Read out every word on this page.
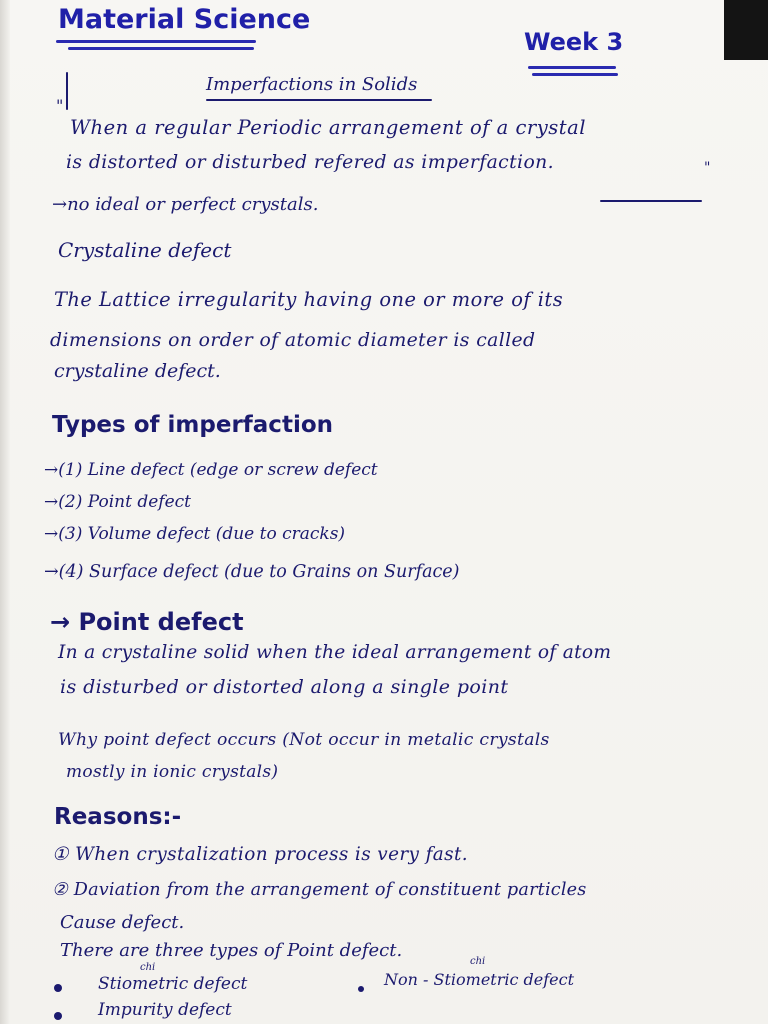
Material Science
Week 3
Imperfactions in Solids
"
When a regular Periodic arrangement of a crystal
is distorted or disturbed refered as imperfaction.	"
→no ideal or perfect crystals.
Crystaline defect
The Lattice irregularity having one or more of its
dimensions on order of atomic diameter is called
crystaline defect.
Types of imperfaction
→(1) Line defect (edge or screw defect
→(2) Point defect
→(3) Volume defect (due to cracks)
→(4) Surface defect (due to Grains on Surface)
→ Point defect
In a crystaline solid when the ideal arrangement of atom
is disturbed or distorted along a single point
Why point defect occurs (Not occur in metalic crystals
mostly in ionic crystals)
Reasons:-
① When crystalization process is very fast.
② Daviation from the arrangement of constituent particles
Cause defect.
There are three types of Point defect.
chi
Stiometric defect
chi
Non - Stiometric defect
Impurity defect
